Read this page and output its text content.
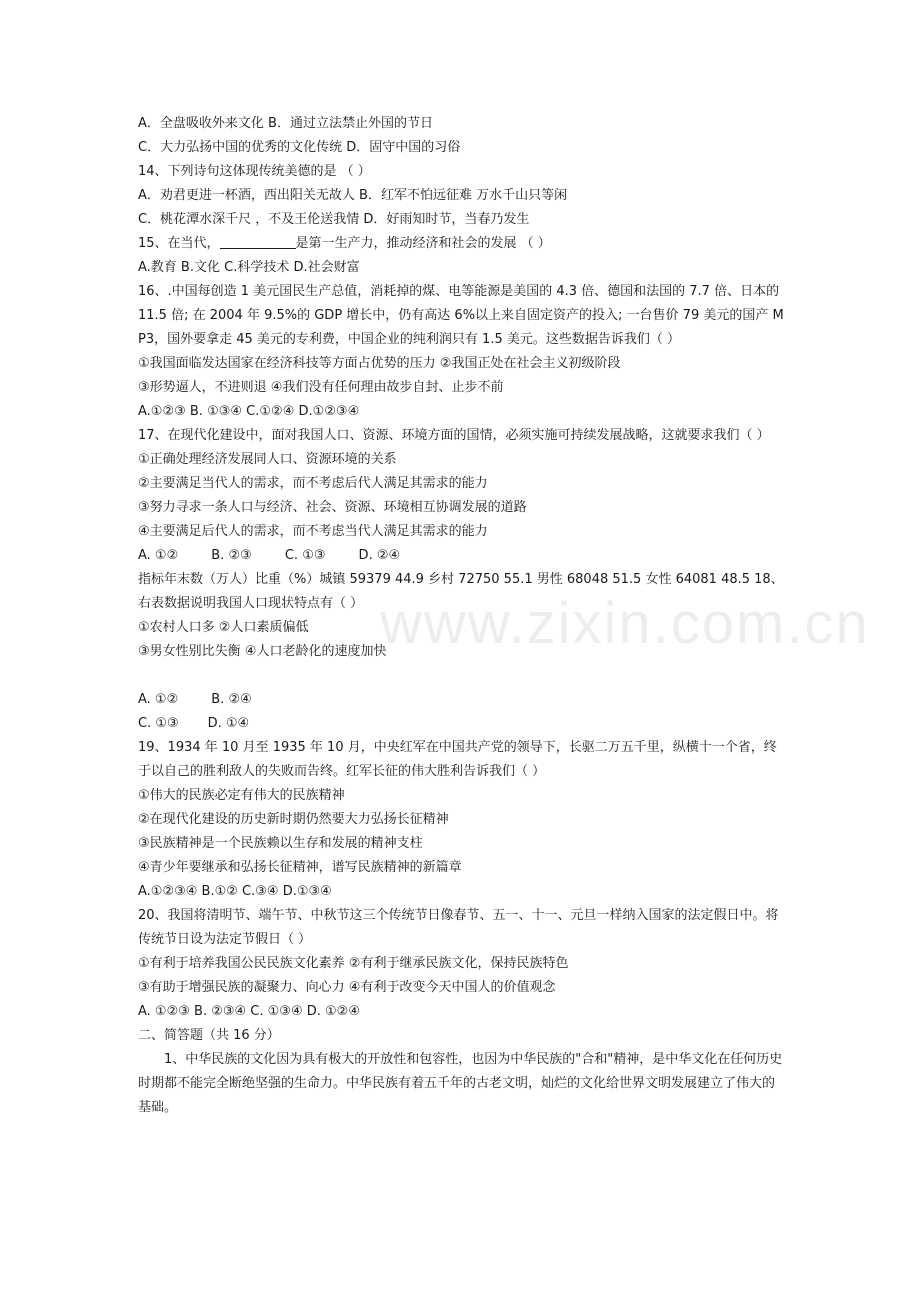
www.zixin.com.cn
A．全盘吸收外来文化 B．通过立法禁止外国的节日
C．大力弘扬中国的优秀的文化传统 D．固守中国的习俗
14、下列诗句这体现传统美德的是 （ ）
A．劝君更进一杯酒，西出阳关无故人 B．红军不怕远征难 万水千山只等闲
C．桃花潭水深千尺 ，不及王伦送我情 D．好雨知时节，当春乃发生
15、在当代，	是第一生产力，推动经济和社会的发展 （ ）
A.教育 B.文化 C.科学技术 D.社会财富
16、.中国每创造 1 美元国民生产总值，消耗掉的煤、电等能源是美国的 4.3 倍、德国和法国的 7.7 倍、日本的 11.5 倍; 在 2004 年 9.5%的 GDP 增长中，仍有高达 6%以上来自固定资产的投入; 一台售价 79 美元的国产 MP3，国外要拿走 45 美元的专利费，中国企业的纯利润只有 1.5 美元。这些数据告诉我们（ ）
①我国面临发达国家在经济科技等方面占优势的压力 ②我国正处在社会主义初级阶段
③形势逼人，不进则退 ④我们没有任何理由故步自封、止步不前
A.①②③ B. ①③④ C.①②④ D.①②③④
17、在现代化建设中，面对我国人口、资源、环境方面的国情，必须实施可持续发展战略，这就要求我们（ ）
①正确处理经济发展同人口、资源环境的关系
②主要满足当代人的需求，而不考虑后代人满足其需求的能力
③努力寻求一条人口与经济、社会、资源、环境相互协调发展的道路
④主要满足后代人的需求，而不考虑当代人满足其需求的能力
A. ①②        B. ②③        C. ①③        D. ②④
指标年末数（万人）比重（%）城镇 59379 44.9 乡村 72750 55.1 男性 68048 51.5 女性 64081 48.5 18、右表数据说明我国人口现状特点有（ ）
①农村人口多 ②人口素质偏低
③男女性别比失衡 ④人口老龄化的速度加快
A. ①②        B. ②④
C. ①③       D. ①④
19、1934 年 10 月至 1935 年 10 月，中央红军在中国共产党的领导下，长驱二万五千里，纵横十一个省，终于以自己的胜利敌人的失败而告终。红军长征的伟大胜利告诉我们（ ）
①伟大的民族必定有伟大的民族精神
②在现代化建设的历史新时期仍然要大力弘扬长征精神
③民族精神是一个民族赖以生存和发展的精神支柱
④青少年要继承和弘扬长征精神，谱写民族精神的新篇章
A.①②③④ B.①② C.③④ D.①③④
20、我国将清明节、端午节、中秋节这三个传统节日像春节、五一、十一、元旦一样纳入国家的法定假日中。将传统节日设为法定节假日（ ）
①有利于培养我国公民民族文化素养 ②有利于继承民族文化，保持民族特色
③有助于增强民族的凝聚力、向心力 ④有利于改变今天中国人的价值观念
A. ①②③ B. ②③④ C. ①③④ D. ①②④
二、简答题（共 16 分）
1、中华民族的文化因为具有极大的开放性和包容性，也因为中华民族的"合和"精神，是中华文化在任何历史时期都不能完全断绝坚强的生命力。中华民族有着五千年的古老文明，灿烂的文化给世界文明发展建立了伟大的基础。
